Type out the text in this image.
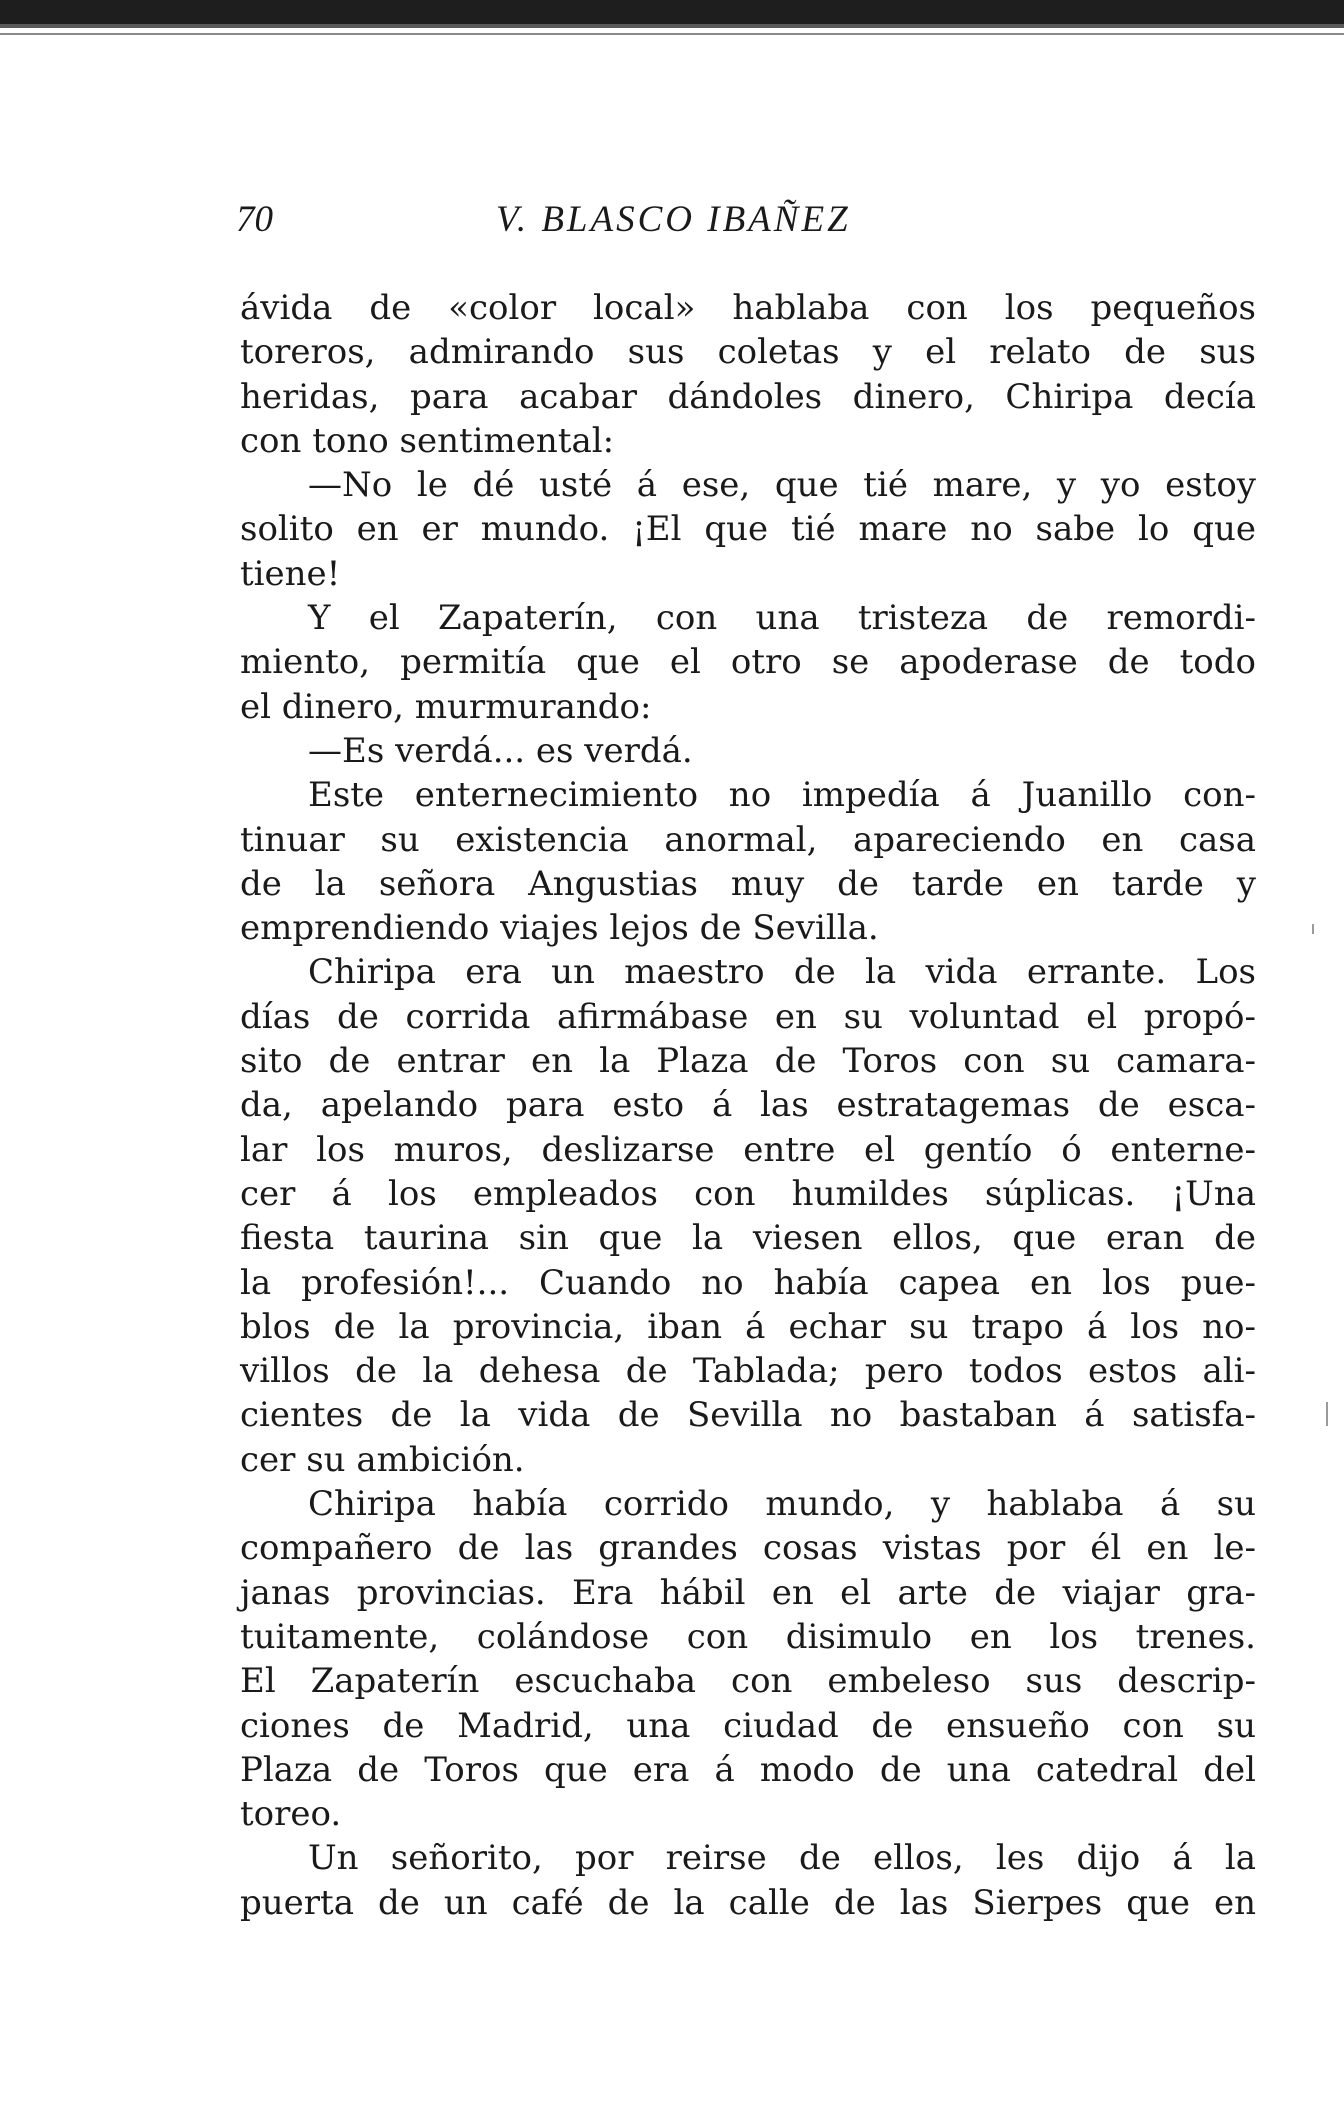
70	V. BLASCO IBAÑEZ
ávida de «color local» hablaba con los pequeños
toreros, admirando sus coletas y el relato de sus
heridas, para acabar dándoles dinero, Chiripa decía
con tono sentimental:
—No le dé usté á ese, que tié mare, y yo estoy
solito en er mundo. ¡El que tié mare no sabe lo que
tiene!
Y el Zapaterín, con una tristeza de remordi-
miento, permitía que el otro se apoderase de todo
el dinero, murmurando:
—Es verdá... es verdá.
Este enternecimiento no impedía á Juanillo con-
tinuar su existencia anormal, apareciendo en casa
de la señora Angustias muy de tarde en tarde y
emprendiendo viajes lejos de Sevilla.
Chiripa era un maestro de la vida errante. Los
días de corrida afirmábase en su voluntad el propó-
sito de entrar en la Plaza de Toros con su camara-
da, apelando para esto á las estratagemas de esca-
lar los muros, deslizarse entre el gentío ó enterne-
cer á los empleados con humildes súplicas. ¡Una
fiesta taurina sin que la viesen ellos, que eran de
la profesión!... Cuando no había capea en los pue-
blos de la provincia, iban á echar su trapo á los no-
villos de la dehesa de Tablada; pero todos estos ali-
cientes de la vida de Sevilla no bastaban á satisfa-
cer su ambición.
Chiripa había corrido mundo, y hablaba á su
compañero de las grandes cosas vistas por él en le-
janas provincias. Era hábil en el arte de viajar gra-
tuitamente, colándose con disimulo en los trenes.
El Zapaterín escuchaba con embeleso sus descrip-
ciones de Madrid, una ciudad de ensueño con su
Plaza de Toros que era á modo de una catedral del
toreo.
Un señorito, por reirse de ellos, les dijo á la
puerta de un café de la calle de las Sierpes que en
